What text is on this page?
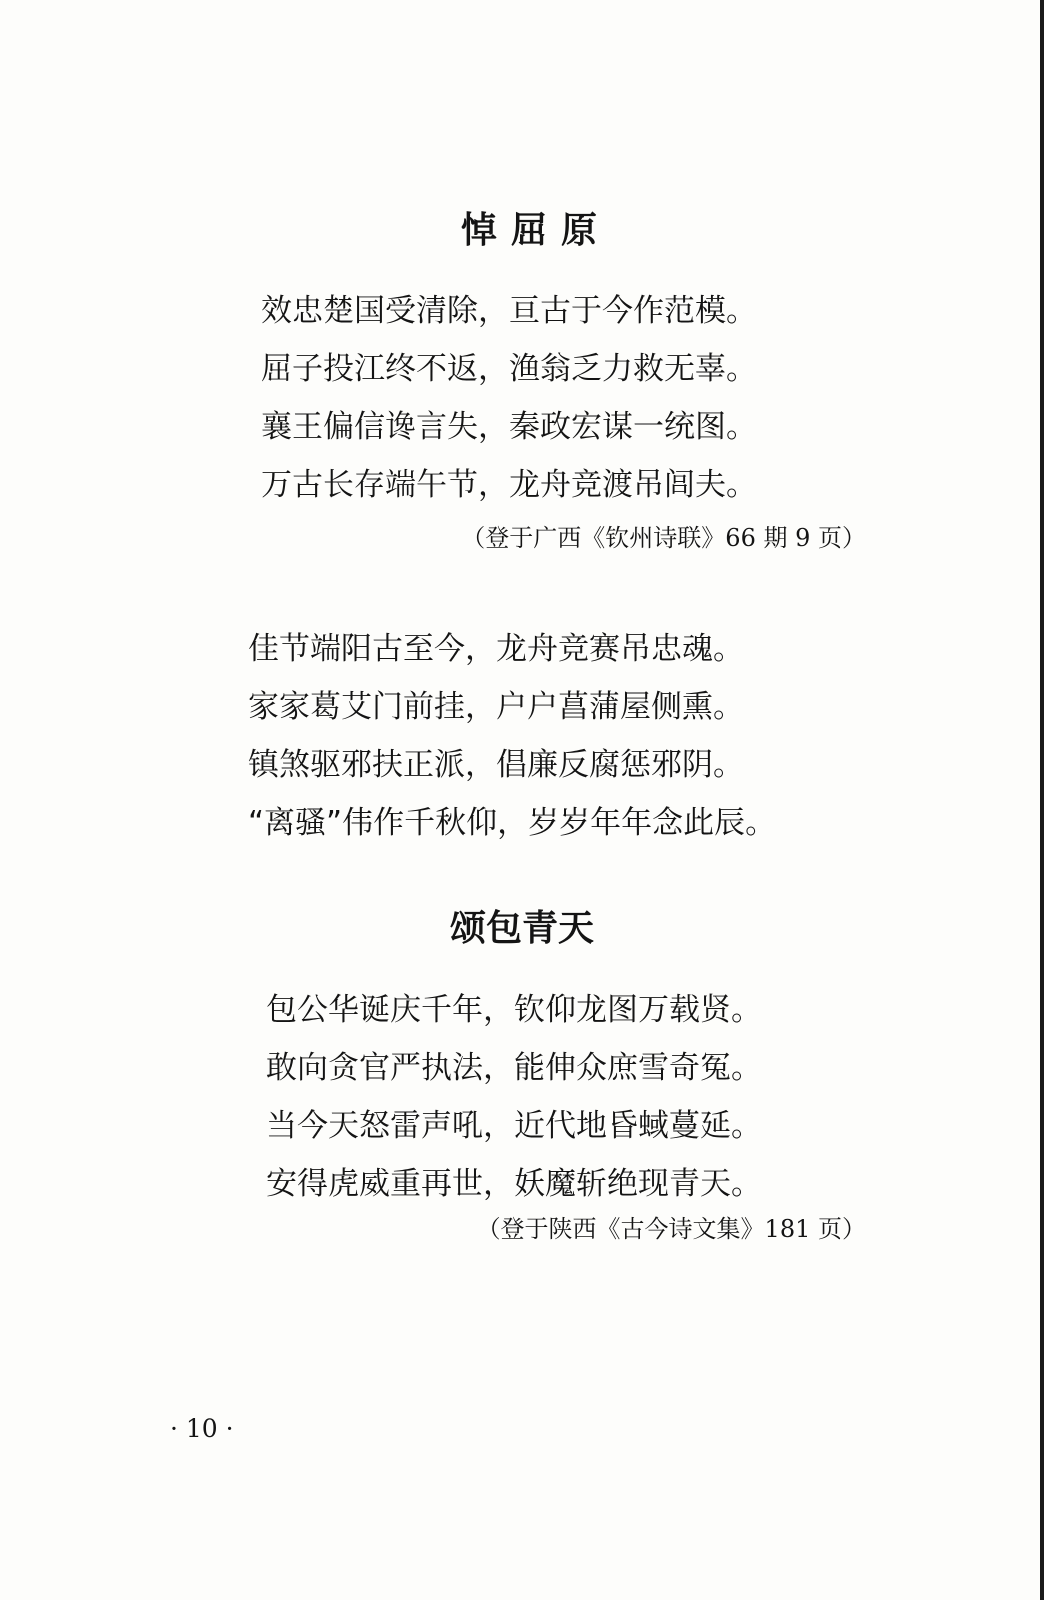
悼屈原
效忠楚国受清除，亘古于今作范模。
屈子投江终不返，渔翁乏力救无辜。
襄王偏信谗言失，秦政宏谋一统图。
万古长存端午节，龙舟竞渡吊闾夫。

（登于广西《钦州诗联》66 期 9 页）

佳节端阳古至今，龙舟竞赛吊忠魂。
家家葛艾门前挂，户户菖蒲屋侧熏。
镇煞驱邪扶正派，倡廉反腐惩邪阴。
“离骚”伟作千秋仰，岁岁年年念此辰。
颂包青天
包公华诞庆千年，钦仰龙图万载贤。
敢向贪官严执法，能伸众庶雪奇冤。
当今天怒雷声吼，近代地昏蜮蔓延。
安得虎威重再世，妖魔斩绝现青天。

（登于陕西《古今诗文集》181 页）

· 10 ·
